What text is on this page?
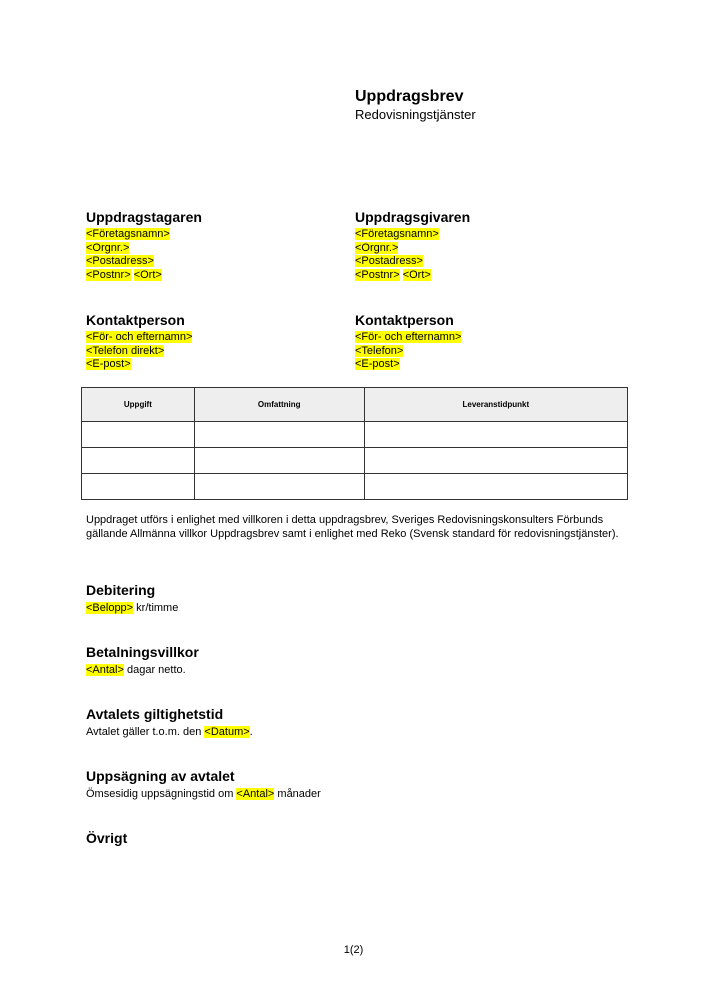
Uppdragsbrev
Redovisningstjänster
Uppdragstagaren
<Företagsnamn>
<Orgnr.>
<Postadress>
<Postnr> <Ort>
Uppdragsgivaren
<Företagsnamn>
<Orgnr.>
<Postadress>
<Postnr> <Ort>
Kontaktperson
<För- och efternamn>
<Telefon direkt>
<E-post>
Kontaktperson
<För- och efternamn>
<Telefon>
<E-post>
Uppgift	Omfattning	Leveranstidpunkt

Uppdraget utförs i enlighet med villkoren i detta uppdragsbrev, Sveriges Redovisningskonsulters Förbunds gällande Allmänna villkor Uppdragsbrev samt i enlighet med Reko (Svensk standard för redovisningstjänster).
Debitering
<Belopp> kr/timme
Betalningsvillkor
<Antal> dagar netto.
Avtalets giltighetstid
Avtalet gäller t.o.m. den <Datum>.
Uppsägning av avtalet
Ömsesidig uppsägningstid om <Antal> månader
Övrigt
1(2)
